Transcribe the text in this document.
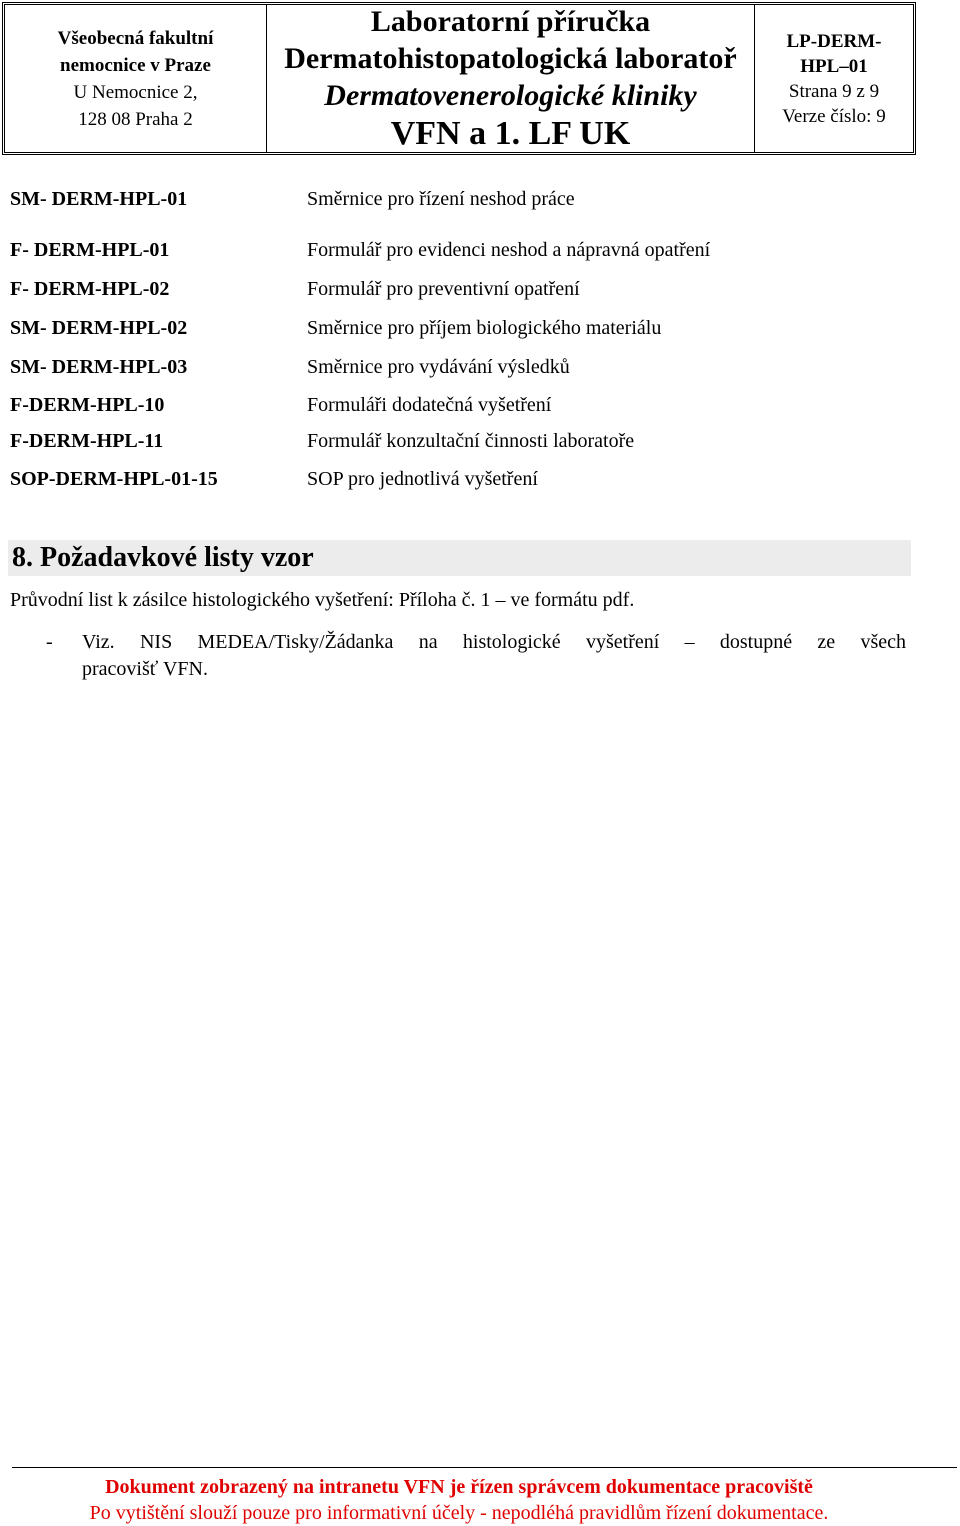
Všeobecná fakultní
nemocnice v Praze
U Nemocnice 2,
128 08 Praha 2
Laboratorní příručka
Dermatohistopatologická laboratoř
Dermatovenerologické kliniky
VFN a 1. LF UK
LP-DERM-
HPL–01
Strana 9 z 9
Verze číslo: 9
SM- DERM-HPL-01	Směrnice pro řízení neshod práce
F- DERM-HPL-01	Formulář pro evidenci neshod a nápravná opatření
F- DERM-HPL-02	Formulář pro preventivní opatření
SM- DERM-HPL-02	Směrnice pro příjem biologického materiálu
SM- DERM-HPL-03	Směrnice pro vydávání výsledků
F-DERM-HPL-10	Formuláři dodatečná vyšetření
F-DERM-HPL-11	Formulář konzultační činnosti laboratoře
SOP-DERM-HPL-01-15	SOP pro jednotlivá vyšetření
8. Požadavkové listy vzor
Průvodní list k zásilce histologického vyšetření: Příloha č. 1 – ve formátu pdf.
- Viz. NIS MEDEA/Tisky/Žádanka na histologické vyšetření – dostupné ze všech
pracovišť VFN.
Dokument zobrazený na intranetu VFN je řízen správcem dokumentace pracoviště
Po vytištění slouží pouze pro informativní účely - nepodléhá pravidlům řízení dokumentace.
